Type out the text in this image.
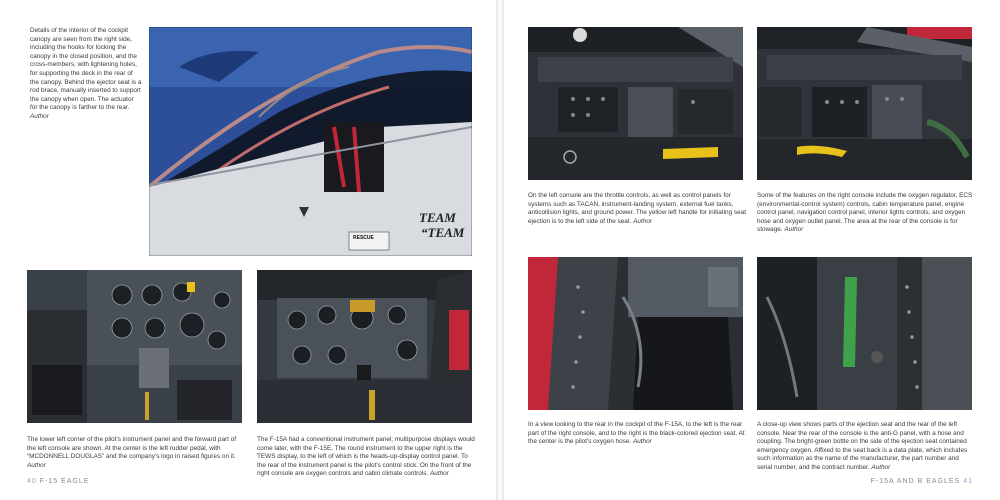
Details of the interior of the cockpit canopy are seen from the right side, including the hooks for locking the canopy in the closed position, and the cross-members, with lightening holes, for supporting the deck in the rear of the canopy. Behind the ejector seat is a rod brace, manually inserted to support the canopy when open. The actuator for the canopy is farther to the rear. Author

TEAM
“TEAM
RESCUE

The lower left corner of the pilot's instrument panel and the forward part of the left console are shown. At the center is the left rudder pedal, with “MCDONNELL DOUGLAS” and the company's logo in raised figures on it. Author

The F-15A had a conventional instrument panel; multipurpose displays would come later, with the F-15E. The round instrument to the upper right is the TEWS display, to the left of which is the heads-up-display control panel. To the rear of the instrument panel is the pilot's control stick. On the front of the right console are oxygen controls and cabin climate controls. Author

40 F-15 EAGLE

On the left console are the throttle controls, as well as control panels for systems such as TACAN, instrument-landing system, external fuel tanks, anticollision lights, and ground power. The yellow left handle for initiating seat ejection is to the left side of the seat. Author

Some of the features on the right console include the oxygen regulator, ECS (environmental-control system) controls, cabin temperature panel, engine control panel, navigation control panel, interior lights controls, and oxygen hose and oxygen outlet panel. The area at the rear of the console is for stowage. Author

In a view looking to the rear in the cockpit of the F-15A, to the left is the rear part of the right console, and to the right is the black-colored ejection seat. At the center is the pilot's oxygen hose. Author

A close-up view shows parts of the ejection seat and the rear of the left console. Near the rear of the console is the anti-G panel, with a hose and coupling. The bright-green bottle on the side of the ejection seat contained emergency oxygen. Affixed to the seat back is a data plate, which includes such information as the name of the manufacturer, the part number and serial number, and the contract number. Author

F-15A AND B EAGLES 41
